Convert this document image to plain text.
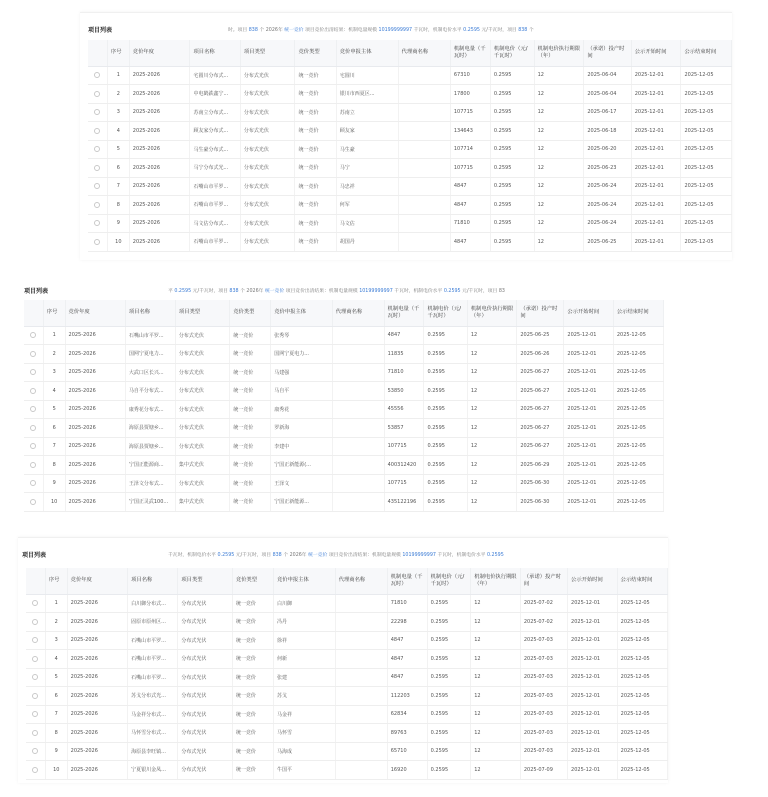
项目列表	时。项目 838 个 2026年 统一竞价 项目竞价出清结果：机制电量规模 10199999997 千瓦时，机制电价水平 0.2595 元/千瓦时，项目 838 个
	序号	竞价年度	项目名称	项目类型	竞价类型	竞价申报主体	代理商名称	机制电量（千瓦时）	机制电价（元/千瓦时）	机制电价执行期限（年）	（承诺）投产时间	公示开始时间	公示结束时间
	1	2025-2026	宅圆川分布式...	分布式光伏	统一竞价	宅圆川		67310	0.2595	12	2025-06-04	2025-12-01	2025-12-05
	2	2025-2026	中电鹤鉄鑫宁...	分布式光伏	统一竞价	银川市西夏区...		17800	0.2595	12	2025-06-04	2025-12-01	2025-12-05
	3	2025-2026	苏南立分布式...	分布式光伏	统一竞价	苏南立		107715	0.2595	12	2025-06-17	2025-12-01	2025-12-05
	4	2025-2026	顾友家分布式...	分布式光伏	统一竞价	顾友家		134643	0.2595	12	2025-06-18	2025-12-01	2025-12-05
	5	2025-2026	马生豪分布式...	分布式光伏	统一竞价	马生豪		107714	0.2595	12	2025-06-20	2025-12-01	2025-12-05
	6	2025-2026	马宁分布式光...	分布式光伏	统一竞价	马宁		107715	0.2595	12	2025-06-23	2025-12-01	2025-12-05
	7	2025-2026	石嘴山市平罗...	分布式光伏	统一竞价	马忠祥		4847	0.2595	12	2025-06-24	2025-12-01	2025-12-05
	8	2025-2026	石嘴山市平罗...	分布式光伏	统一竞价	何军		4847	0.2595	12	2025-06-24	2025-12-01	2025-12-05
	9	2025-2026	马文估分布式...	分布式光伏	统一竞价	马文估		71810	0.2595	12	2025-06-24	2025-12-01	2025-12-05
	10	2025-2026	石嘴山市平罗...	分布式光伏	统一竞价	胡国丹		4847	0.2595	12	2025-06-25	2025-12-01	2025-12-05
项目列表	平 0.2595 元/千瓦时，项目 838 个 2026年 统一竞价 项目竞价出清结果：机制电量规模 10199999997 千瓦时，机制电价水平 0.2595 元/千瓦时，项目 83
	序号	竞价年度	项目名称	项目类型	竞价类型	竞价申报主体	代理商名称	机制电量（千瓦时）	机制电价（元/千瓦时）	机制电价执行期限（年）	（承诺）投产时间	公示开始时间	公示结束时间
	1	2025-2026	石嘴山市平罗...	分布式光伏	统一竞价	张秀琴		4847	0.2595	12	2025-06-25	2025-12-01	2025-12-05
	2	2025-2026	国网宁夏电力...	分布式光伏	统一竞价	国网宁夏电力...		11835	0.2595	12	2025-06-26	2025-12-01	2025-12-05
	3	2025-2026	大武口区长兴...	分布式光伏	统一竞价	马建强		71810	0.2595	12	2025-06-27	2025-12-01	2025-12-05
	4	2025-2026	马自平分布式...	分布式光伏	统一竞价	马自平		53850	0.2595	12	2025-06-27	2025-12-01	2025-12-05
	5	2025-2026	康秀花分布式...	分布式光伏	统一竞价	康秀花		45556	0.2595	12	2025-06-27	2025-12-01	2025-12-05
	6	2025-2026	海原县贾塘乡...	分布式光伏	统一竞价	罗新海		53857	0.2595	12	2025-06-27	2025-12-01	2025-12-05
	7	2025-2026	海原县贾塘乡...	分布式光伏	统一竞价	李建中		107715	0.2595	12	2025-06-27	2025-12-01	2025-12-05
	8	2025-2026	宁国正能源商...	集中式光伏	统一竞价	宁国正新能源(...		400312420	0.2595	12	2025-06-29	2025-12-01	2025-12-05
	9	2025-2026	王泽文分布式...	分布式光伏	统一竞价	王泽文		107715	0.2595	12	2025-06-30	2025-12-01	2025-12-05
	10	2025-2026	宁国正灵武100...	集中式光伏	统一竞价	宁国正新能源...		435122196	0.2595	12	2025-06-30	2025-12-01	2025-12-05
项目列表	千瓦时，机制电价水平 0.2595 元/千瓦时，项目 838 个 2026年 统一竞价 项目竞价出清结果：机制电量规模 10199999997 千瓦时，机制电价水平 0.2595
	序号	竞价年度	项目名称	项目类型	竞价类型	竞价申报主体	代理商名称	机制电量（千瓦时）	机制电价（元/千瓦时）	机制电价执行期限（年）	（承诺）投产时间	公示开始时间	公示结束时间
	1	2025-2026	白川御分布式...	分布式光伏	统一竞价	白川御		71810	0.2595	12	2025-07-02	2025-12-01	2025-12-05
	2	2025-2026	固原市原州区...	分布式光伏	统一竞价	冯丹		22298	0.2595	12	2025-07-02	2025-12-01	2025-12-05
	3	2025-2026	石嘴山市平罗...	分布式光伏	统一竞价	徐祥		4847	0.2595	12	2025-07-03	2025-12-01	2025-12-05
	4	2025-2026	石嘴山市平罗...	分布式光伏	统一竞价	何新		4847	0.2595	12	2025-07-03	2025-12-01	2025-12-05
	5	2025-2026	石嘴山市平罗...	分布式光伏	统一竞价	张建		4847	0.2595	12	2025-07-03	2025-12-01	2025-12-05
	6	2025-2026	苏戈分布式光...	分布式光伏	统一竞价	苏戈		112203	0.2595	12	2025-07-03	2025-12-01	2025-12-05
	7	2025-2026	马金祥分布式...	分布式光伏	统一竞价	马金祥		62834	0.2595	12	2025-07-03	2025-12-01	2025-12-05
	8	2025-2026	马怀雪分布式...	分布式光伏	统一竞价	马怀雪		89763	0.2595	12	2025-07-03	2025-12-01	2025-12-05
	9	2025-2026	海原县李旺镇...	分布式光伏	统一竞价	马海成		65710	0.2595	12	2025-07-03	2025-12-01	2025-12-05
	10	2025-2026	宁夏银川金凤...	分布式光伏	统一竞价	牛国平		16920	0.2595	12	2025-07-09	2025-12-01	2025-12-05
